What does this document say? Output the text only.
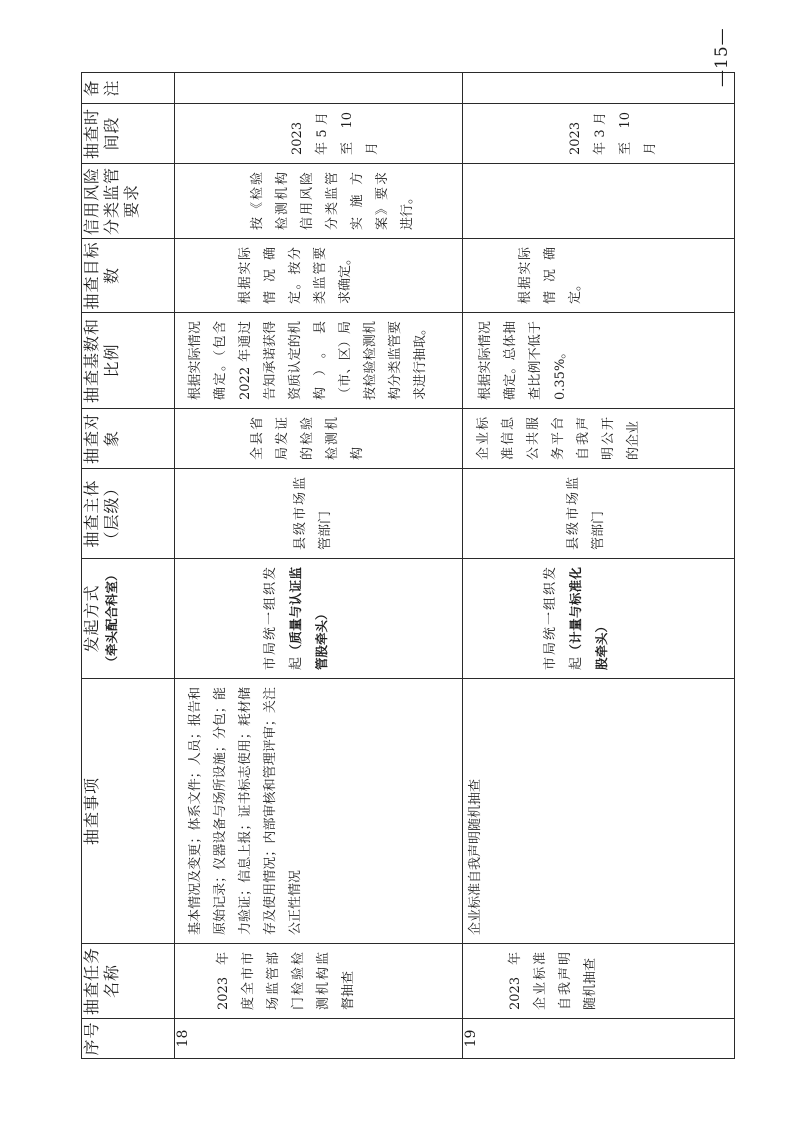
序号	抽查任务名称	抽查事项	发起方式 （牵头配合科室）	抽查主体（层级）	抽查对象	抽查基数和比例	抽查目标数	信用风险分类监管要求	抽查时间段	备注
18	2023 年度全市市场监管部门检验检测机构监督抽查	基本情况及变更；体系文件；人员；报告和原始记录；仪器设备与场所设施；分包；能力验证；信息上报；证书标志使用；耗材储存及使用情况；内部审核和管理评审；关注公正性情况	市局统一组织发起（质量与认证监管股牵头）	县级市场监管部门	全县省局发证的检验检测机构	根据实际情况确定。（包含 2022 年通过告知承诺获得资质认定的机构）。县（市、区）局按检验检测机构分类监管要求进行抽取。	根据实际情况确定。按分类监管要求确定。	按《检验检测机构信用风险分类监管实施方案》要求进行。	2023 年 5 月至 10 月	

19	2023 年企业标准自我声明随机抽查	企业标准自我声明随机抽查	市局统一组织发起（计量与标准化股牵头）	县级市场监管部门	企业标准信息公共服务平台自我声明公开的企业	根据实际情况确定。总体抽查比例不低于 0.35%。	根据实际情况确定。		2023 年 3 月至 10 月	

—15—
